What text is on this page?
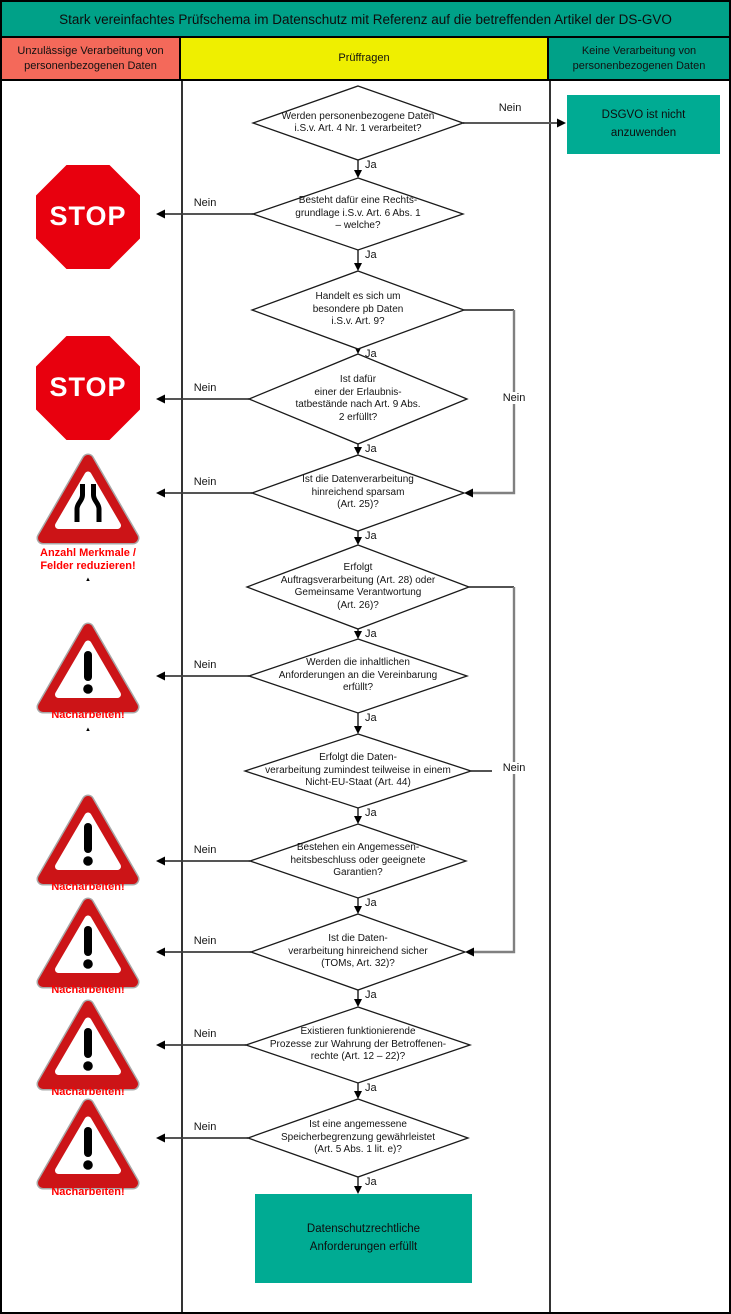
Stark vereinfachtes Prüfschema im Datenschutz mit Referenz auf die betreffenden Artikel der DS-GVO
Unzulässige Verarbeitung von
personenbezogenen Daten
Prüffragen
Keine Verarbeitung von
personenbezogenen Daten
Nein
Nein
Nein
Ja
Ja
Ja
Ja
Ja
Ja
Ja
Ja
Ja
Ja
Ja
Ja
Nein
Nein
Nein
Nein
Nein
Nein
Nein
Nein
Werden personenbezogene Daten
i.S.v. Art. 4 Nr. 1 verarbeitet?
Besteht dafür eine Rechts-
grundlage i.S.v. Art. 6 Abs. 1
– welche?
Handelt es sich um
besondere pb Daten
i.S.v. Art. 9?
Ist dafür
einer der Erlaubnis-
tatbestände nach Art. 9 Abs.
2 erfüllt?
Ist die Datenverarbeitung
hinreichend sparsam
(Art. 25)?
Erfolgt
Auftragsverarbeitung (Art. 28) oder
Gemeinsame Verantwortung
(Art. 26)?
Werden die inhaltlichen
Anforderungen an die Vereinbarung
erfüllt?
Erfolgt die Daten-
verarbeitung zumindest teilweise in einem
Nicht-EU-Staat (Art. 44)
Bestehen ein Angemessen-
heitsbeschluss oder geeignete
Garantien?
Ist die Daten-
verarbeitung hinreichend sicher
(TOMs, Art. 32)?
Existieren funktionierende
Prozesse zur Wahrung der Betroffenen-
rechte (Art. 12 – 22)?
Ist eine angemessene
Speicherbegrenzung gewährleistet
(Art. 5 Abs. 1 lit. e)?
STOP
STOP
Anzahl Merkmale /
Felder reduzieren!
▲
Nacharbeiten!
▲
Nacharbeiten!
Nacharbeiten!
Nacharbeiten!
Nacharbeiten!
DSGVO ist nicht
anzuwenden
Datenschutzrechtliche
Anforderungen erfüllt
